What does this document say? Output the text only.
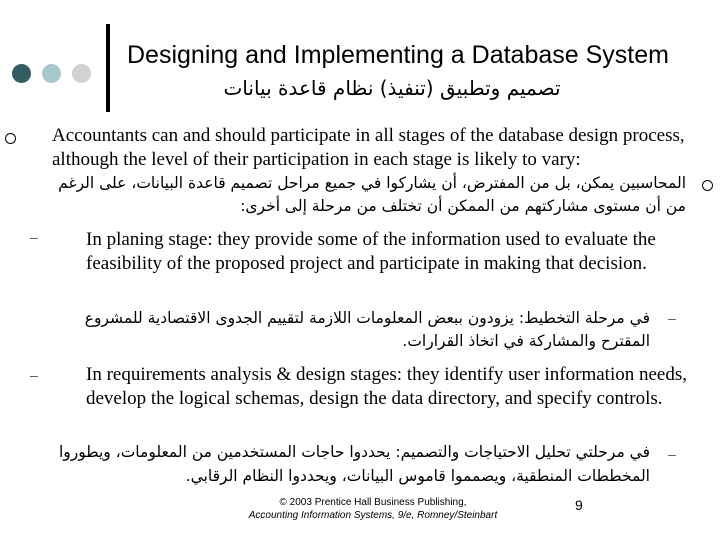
Designing and Implementing a Database System
تصميم وتطبيق (تنفيذ) نظام قاعدة بيانات
Accountants can and should participate in all stages of the database design process, although the level of their participation in each stage is likely to vary:
المحاسبين يمكن، بل من المفترض، أن يشاركوا في جميع مراحل تصميم قاعدة البيانات، على الرغم
من أن مستوى مشاركتهم من الممكن أن تختلف من مرحلة إلى أخرى:
–	In planing stage: they provide some of the information used to evaluate the feasibility of the proposed project and participate in making that decision.
–
في مرحلة التخطيط: يزودون ببعض المعلومات اللازمة لتقييم الجدوى الاقتصادية للمشروع
المقترح والمشاركة في اتخاذ القرارات.
–	In requirements analysis & design stages: they identify user information needs, develop the logical schemas, design the data directory, and specify controls.
–
في مرحلتي تحليل الاحتياجات والتصميم: يحددوا حاجات المستخدمين من المعلومات، ويطوروا
المخططات المنطقية، ويصمموا قاموس البيانات، ويحددوا النظام الرقابي.
© 2003 Prentice Hall Business Publishing,
Accounting Information Systems, 9/e, Romney/Steinbart
9
